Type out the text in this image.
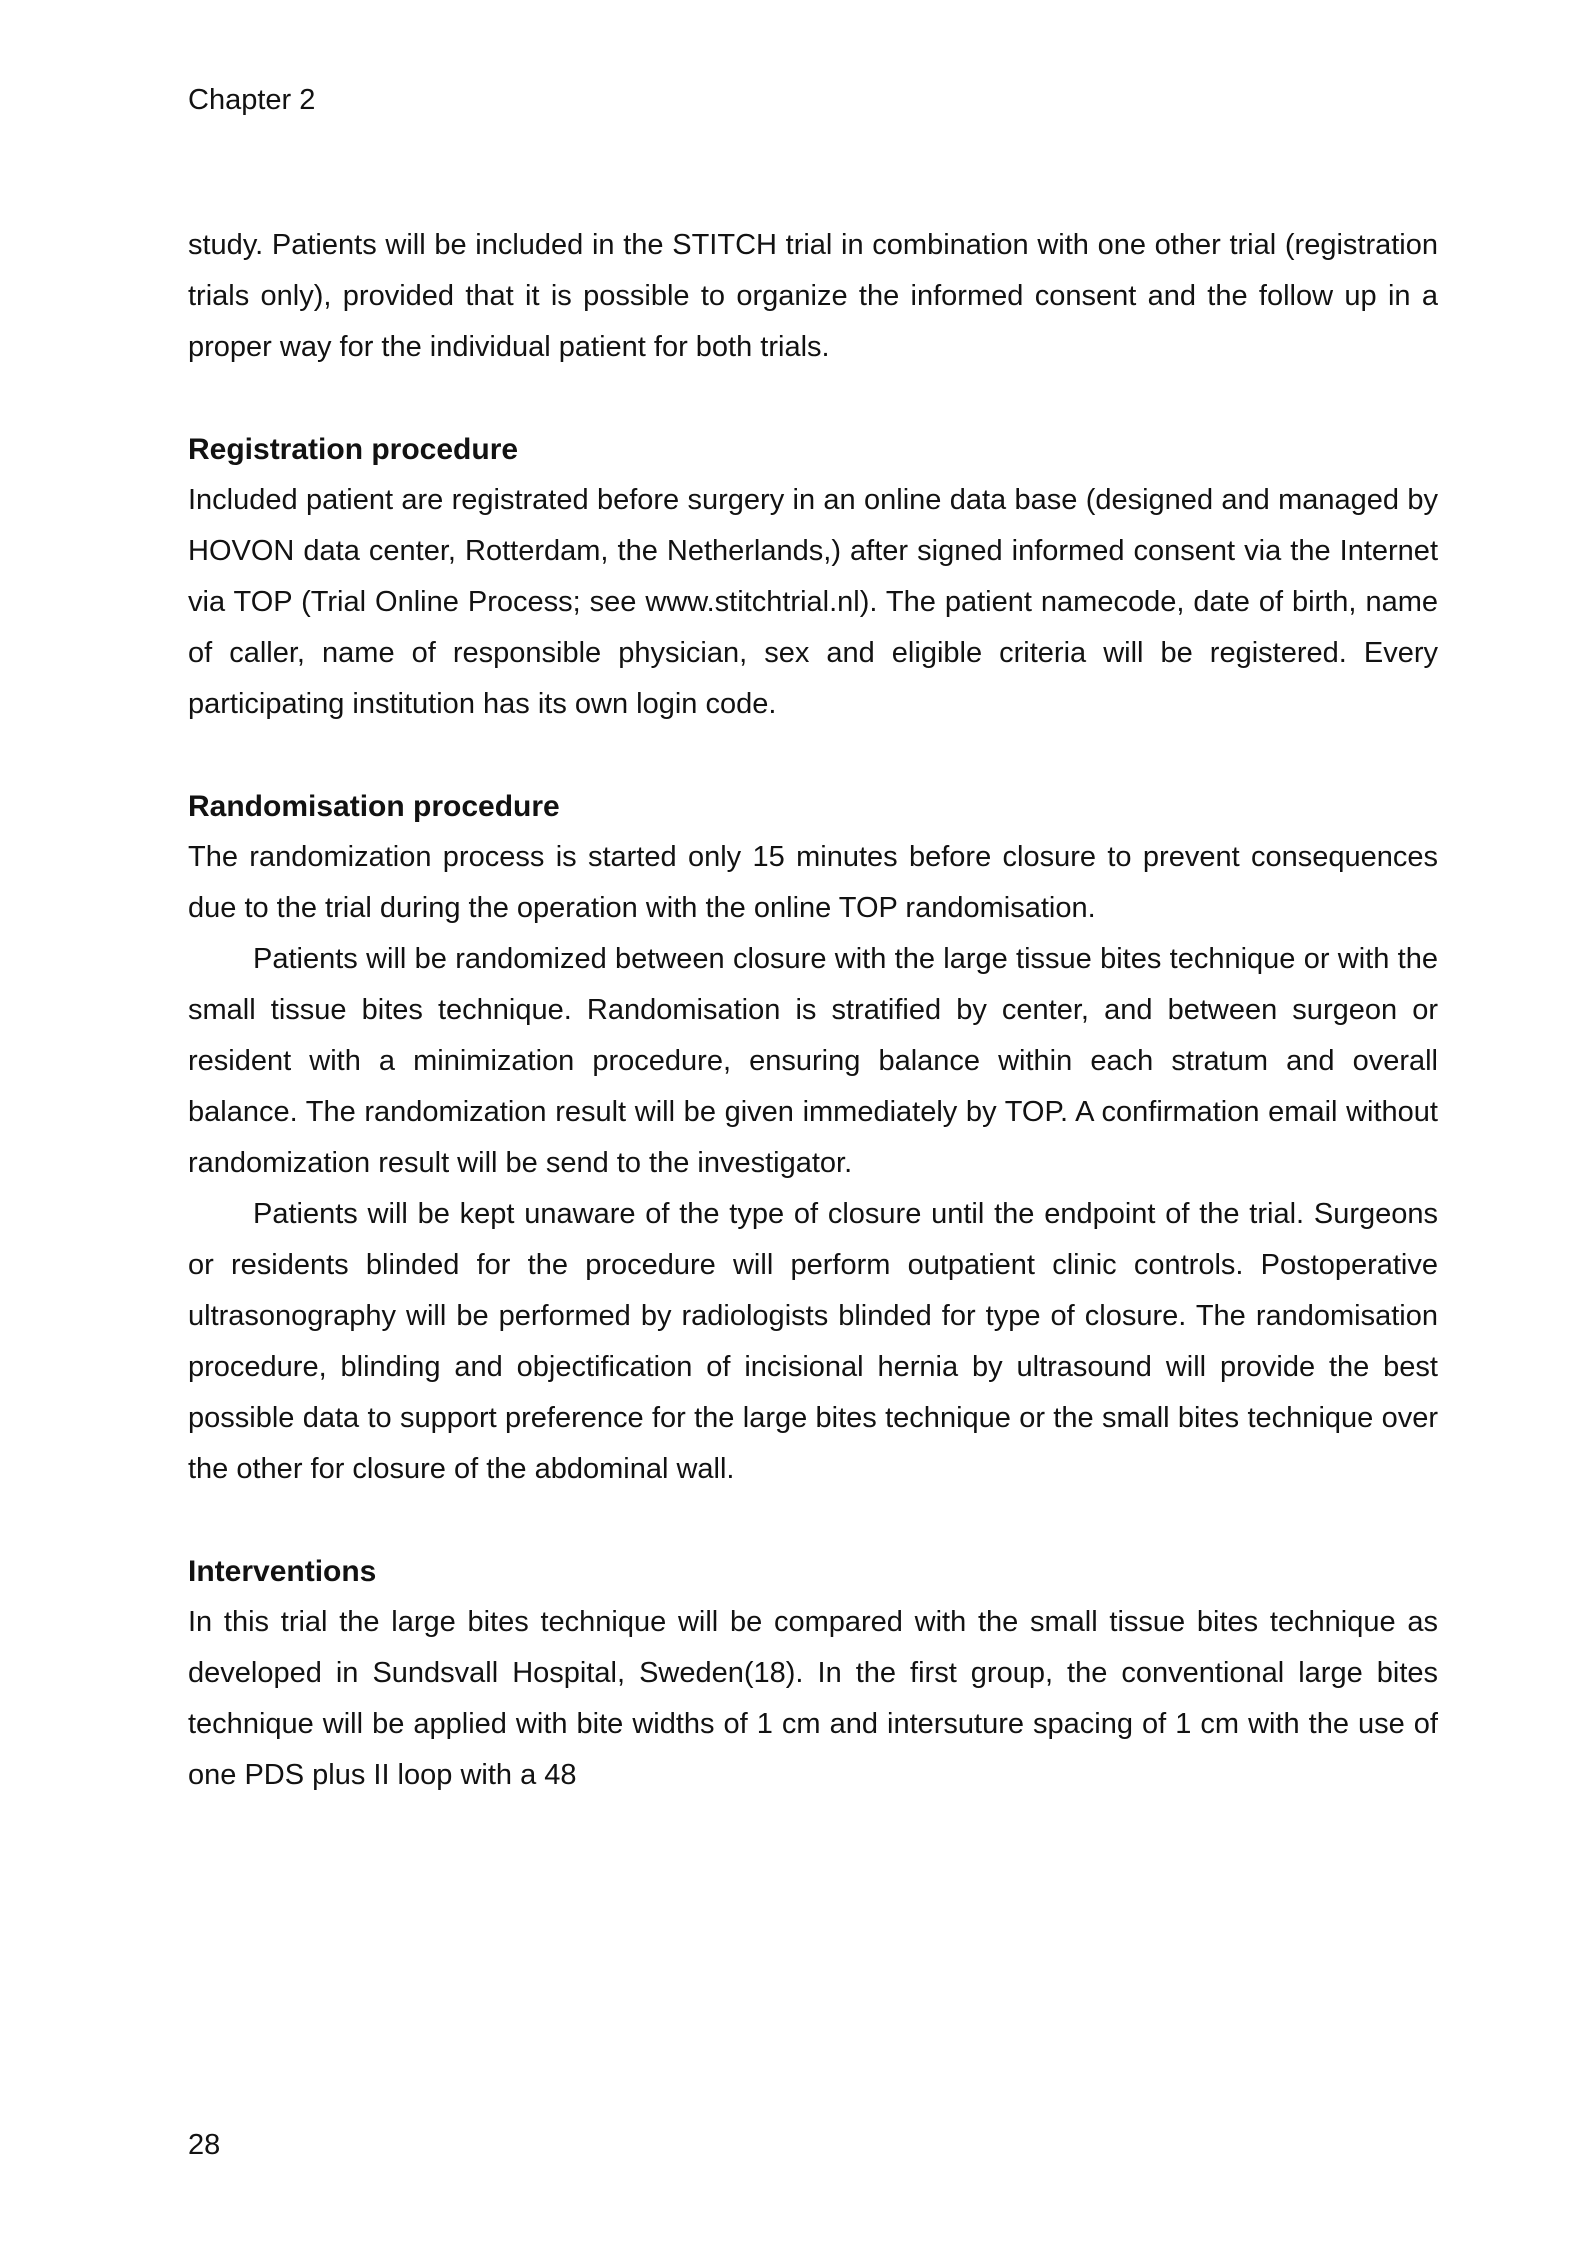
Chapter 2

study. Patients will be included in the STITCH trial in combination with one other trial (registration trials only), provided that it is possible to organize the informed consent and the follow up in a proper way for the individual patient for both trials.

Registration procedure

Included patient are registrated before surgery in an online data base (designed and managed by HOVON data center, Rotterdam, the Netherlands,) after signed informed consent via the Internet via TOP (Trial Online Process; see www.stitchtrial.nl). The patient namecode, date of birth, name of caller, name of responsible physician, sex and eligible criteria will be registered. Every participating institution has its own login code.

Randomisation procedure

The randomization process is started only 15 minutes before closure to prevent consequences due to the trial during the operation with the online TOP randomisation.

Patients will be randomized between closure with the large tissue bites technique or with the small tissue bites technique. Randomisation is stratified by center, and between surgeon or resident with a minimization procedure, ensuring balance within each stratum and overall balance. The randomization result will be given immediately by TOP. A confirmation email without randomization result will be send to the investigator.

Patients will be kept unaware of the type of closure until the endpoint of the trial. Surgeons or residents blinded for the procedure will perform outpatient clinic controls. Postoperative ultrasonography will be performed by radiologists blinded for type of closure. The randomisation procedure, blinding and objectification of incisional hernia by ultrasound will provide the best possible data to support preference for the large bites technique or the small bites technique over the other for closure of the abdominal wall.

Interventions

In this trial the large bites technique will be compared with the small tissue bites technique as developed in Sundsvall Hospital, Sweden(18). In the first group, the conventional large bites technique will be applied with bite widths of 1 cm and intersuture spacing of 1 cm with the use of one PDS plus II loop with a 48

28
